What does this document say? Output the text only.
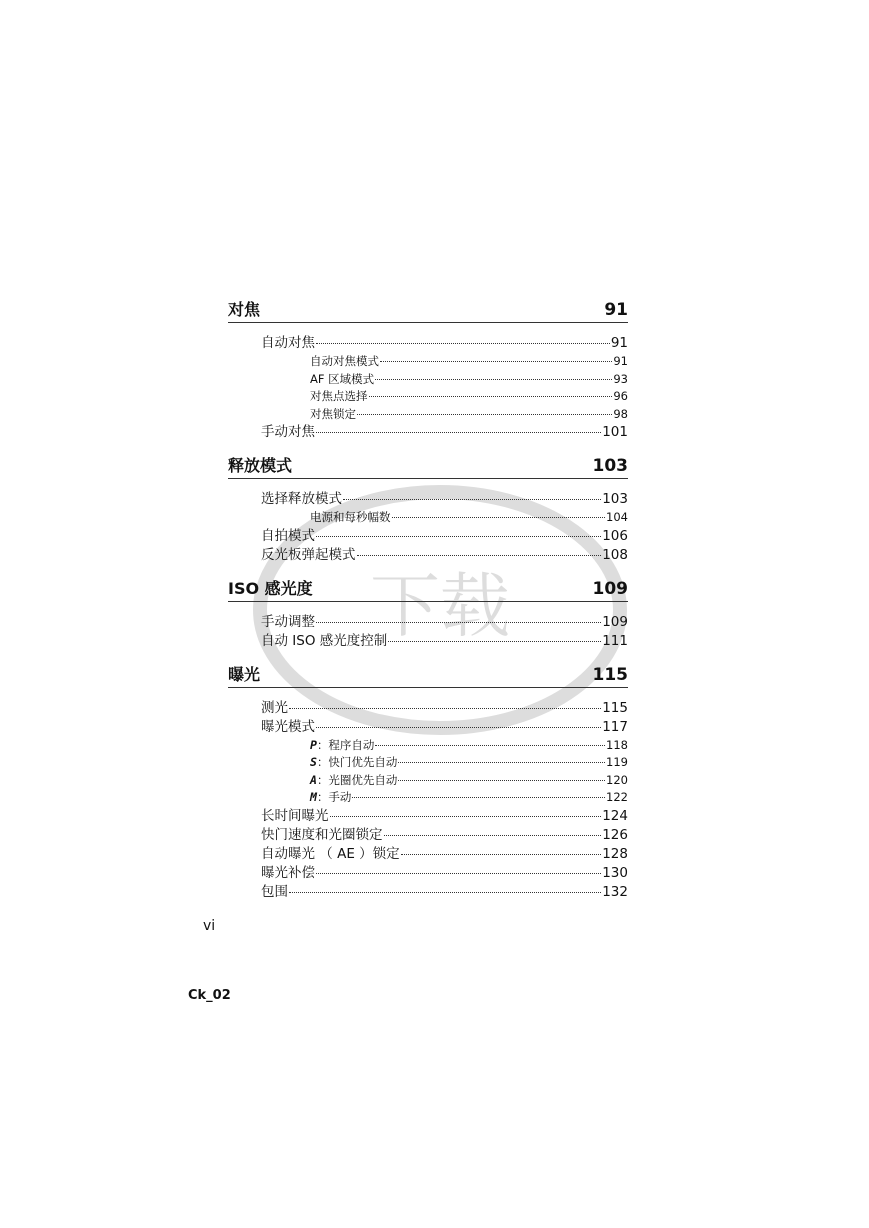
下载
对焦	91
自动对焦	91
自动对焦模式	91
AF 区域模式	93
对焦点选择	96
对焦锁定	98
手动对焦	101
释放模式	103
选择释放模式	103
电源和每秒幅数	104
自拍模式	106
反光板弹起模式	108
ISO 感光度	109
手动调整	109
自动 ISO 感光度控制	111
曝光	115
测光	115
曝光模式	117
P：程序自动	118
S：快门优先自动	119
A：光圈优先自动	120
M：手动	122
长时间曝光	124
快门速度和光圈锁定	126
自动曝光 （ AE ）锁定	128
曝光补偿	130
包围	132
vi
Ck_02
